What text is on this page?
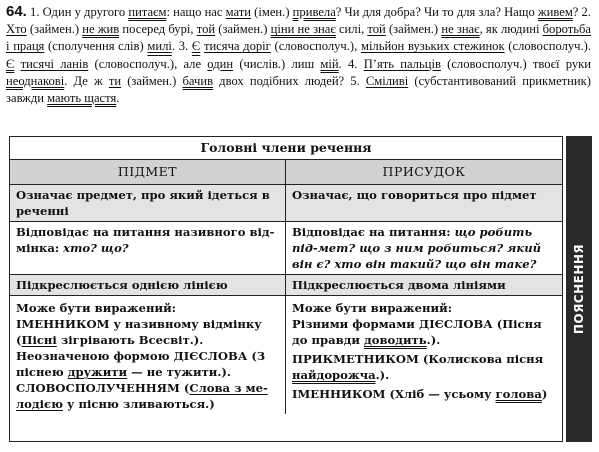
64. 1. Один у другого питаєм: нащо нас мати (імен.) привела? Чи для добра? Чи то для зла? Нащо живем? 2. Хто (займен.) не жив посеред бурі, той (займен.) ціни не знає силі, той (займен.) не знає, як людині боротьба і праця (сполучення слів) милі. 3. Є тисяча доріг (словосполуч.), мільйон вузьких стежинок (словосполуч.). Є тисячі ланів (словосполуч.), але один (числів.) лиш мій. 4. П’ять пальців (словосполуч.) твоєї руки неоднакові. Де ж ти (займен.) бачив двох подібних людей? 5. Сміливі (субстантивований прикметник) завжди мають щастя.
Головні члени речення
ПІДМЕТ	ПРИСУДОК
Означає предмет, про який ідеться в реченні
Означає, що говориться про підмет
Відповідає на питання називного від-мінка: хто? що?
Відповідає на питання: що робить під-мет? що з ним робиться? який він є? хто він такий? що він таке?
Підкреслюється однією лінією	Підкреслюється двома лініями
Може бути виражений:
ІМЕННИКОМ у називному відмінку (Пісні зігрівають Всесвіт.).
Неозначеною формою ДІЄСЛОВА (З піснею дружити — не тужити.).
СЛОВОСПОЛУЧЕННЯМ (Слова з ме-лодією у пісню зливаються.)
Може бути виражений:
Різними формами ДІЄСЛОВА (Пісня до правди доводить.).
ПРИКМЕТНИКОМ (Колискова пісня найдорожча.).
ІМЕННИКОМ (Хліб — усьому голова)
ПОЯСНЕННЯ
